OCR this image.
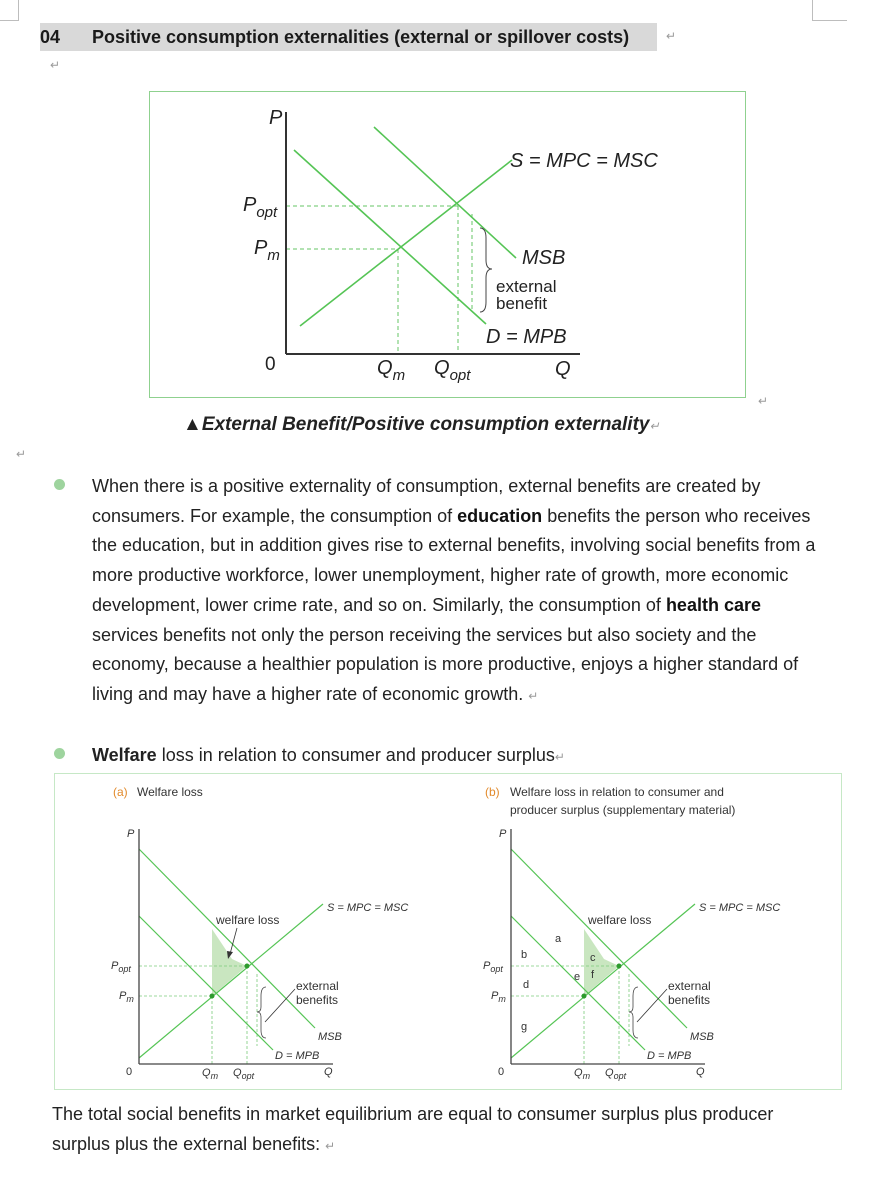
04 Positive consumption externalities (external or spillover costs)	↵
↵
P
Q
$P_{opt}$
$P_m$
$Q_m$ $Q_{opt}$
S = MPC = MSC
MSB
D = MPB
0
external
benefit
↵
▲External Benefit/Positive consumption externality↵
↵
When there is a positive externality of consumption, external benefits are created by consumers. For example, the consumption of education benefits the person who receives the education, but in addition gives rise to external benefits, involving social benefits from a more productive workforce, lower unemployment, higher rate of growth, more economic development, lower crime rate, and so on. Similarly, the consumption of health care services benefits not only the person receiving the services but also society and the economy, because a healthier population is more productive, enjoys a higher standard of living and may have a higher rate of economic growth. ↵
Welfare loss in relation to consumer and producer surplus↵
(a) Welfare loss
P
0	Q
$P_{opt}$
$P_m$
$Q_m$ $Q_{opt}$
S = MPC = MSC
MSB
D = MPB
welfare loss
external
benefits
(b) Welfare loss in relation to consumer and
producer surplus (supplementary material)
P
0	Q
$P_{opt}$
$P_m$
$Q_m$ $Q_{opt}$
S = MPC = MSC
MSB
D = MPB
welfare loss
external
benefits
a
b	c
d
e f
g
The total social benefits in market equilibrium are equal to consumer surplus plus producer surplus plus the external benefits: ↵
